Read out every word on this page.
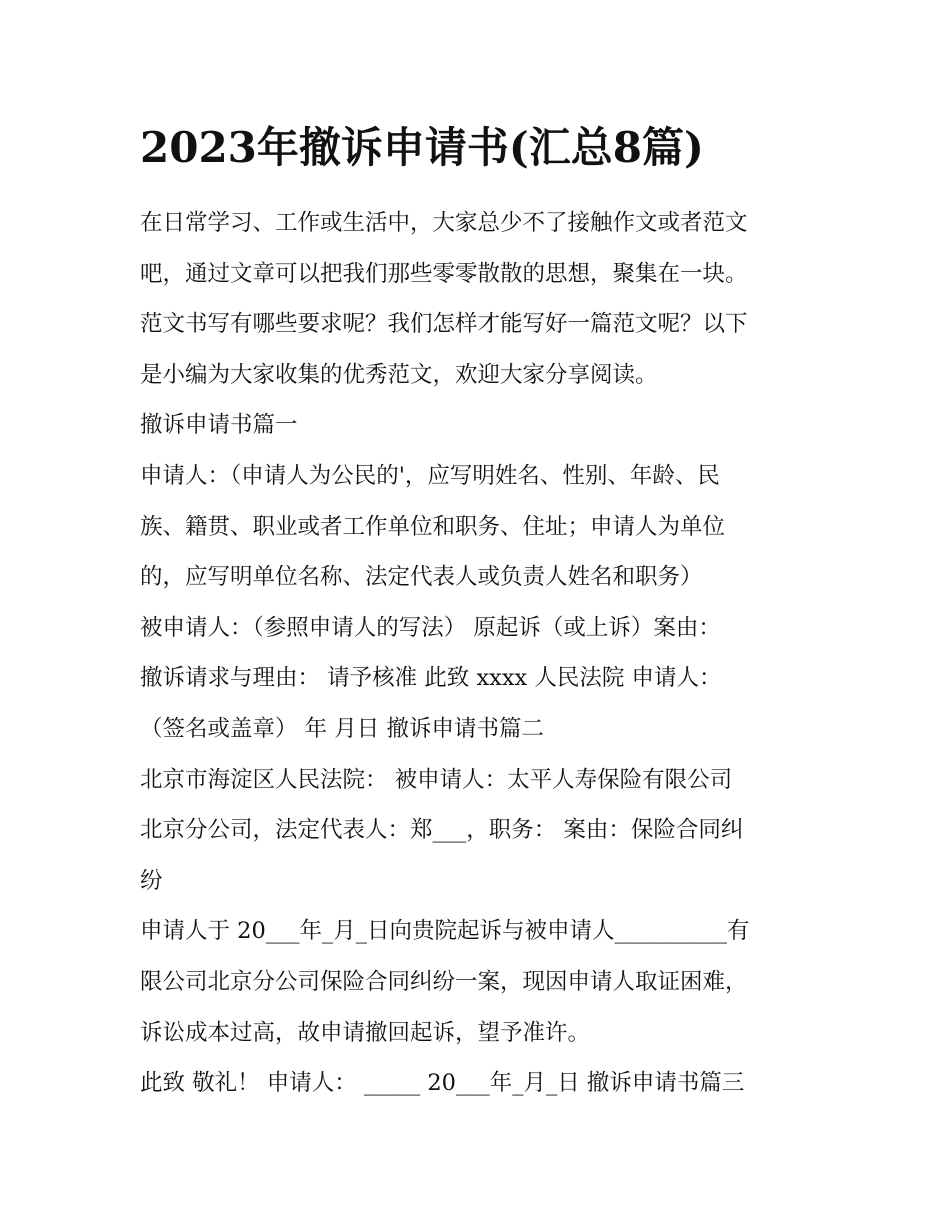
2023年撤诉申请书(汇总8篇)

在日常学习、工作或生活中，大家总少不了接触作文或者范文

吧，通过文章可以把我们那些零零散散的思想，聚集在一块。

范文书写有哪些要求呢？我们怎样才能写好一篇范文呢？以下

是小编为大家收集的优秀范文，欢迎大家分享阅读。

撤诉申请书篇一

申请人：（申请人为公民的'，应写明姓名、性别、年龄、民

族、籍贯、职业或者工作单位和职务、住址；申请人为单位

的，应写明单位名称、法定代表人或负责人姓名和职务）

被申请人：（参照申请人的写法） 原起诉（或上诉）案由：

撤诉请求与理由： 请予核准 此致 xxxx 人民法院 申请人：

（签名或盖章） 年 月日 撤诉申请书篇二

北京市海淀区人民法院： 被申请人：太平人寿保险有限公司

北京分公司，法定代表人：郑___，职务： 案由：保险合同纠

纷

申请人于 20___年_月_日向贵院起诉与被申请人__________有

限公司北京分公司保险合同纠纷一案，现因申请人取证困难，

诉讼成本过高，故申请撤回起诉，望予准许。

此致 敬礼！ 申请人： _____ 20___年_月_日 撤诉申请书篇三
